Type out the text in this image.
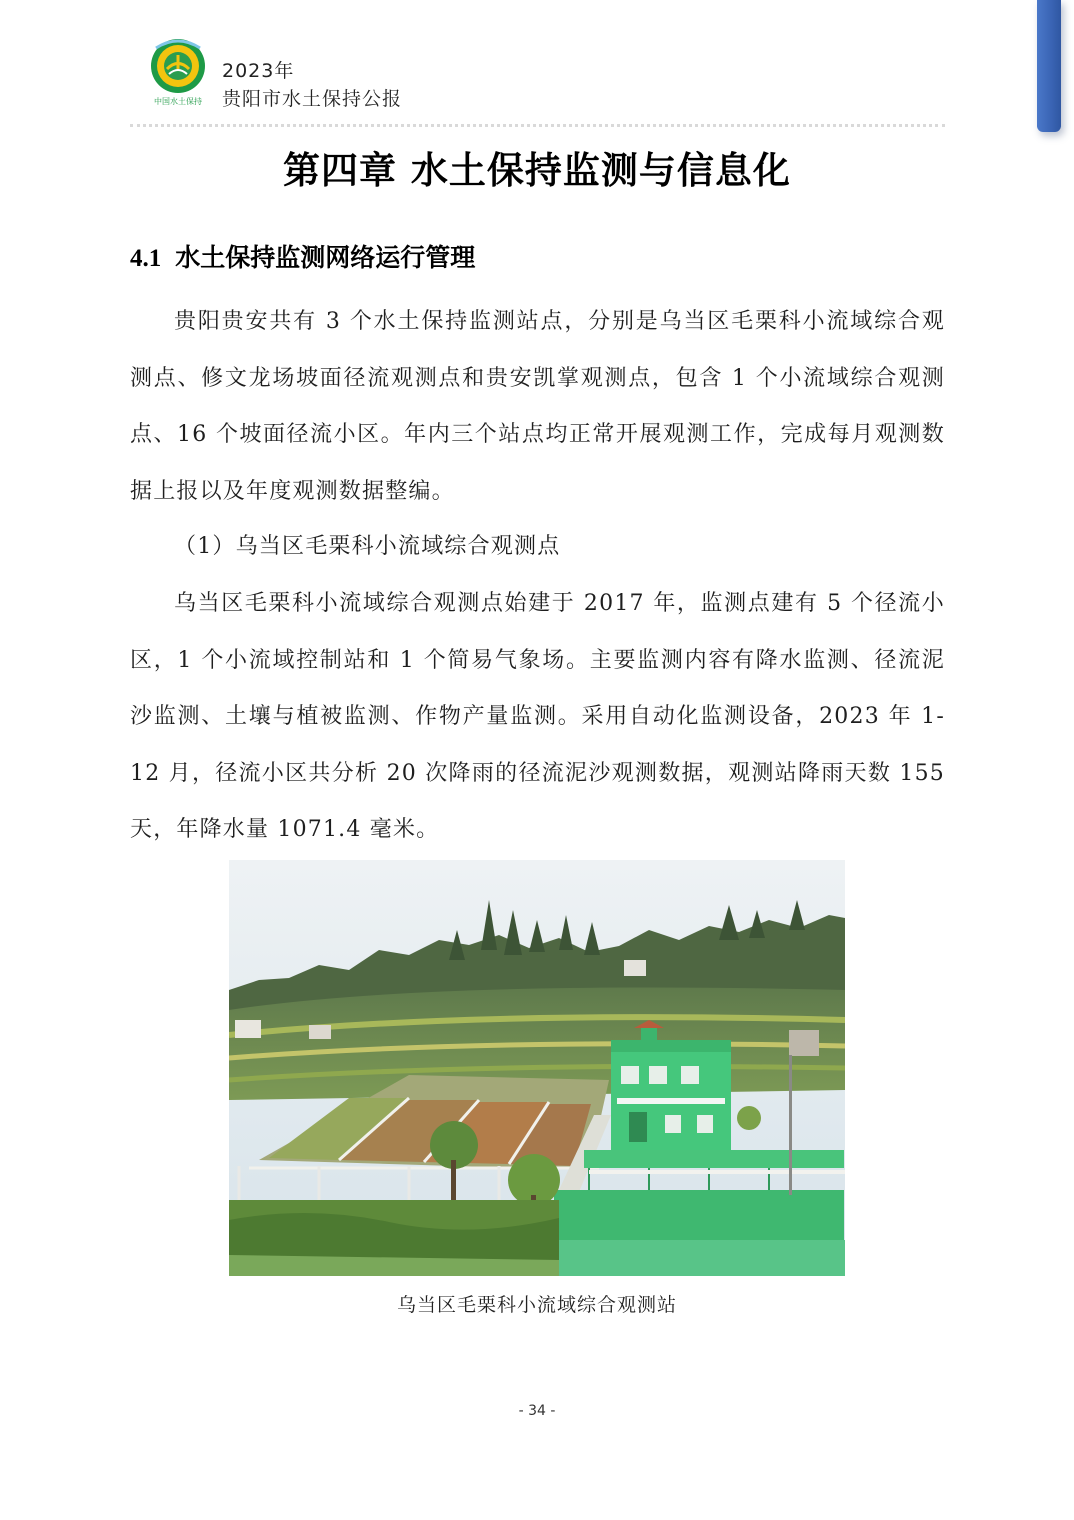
中国水土保持
2023年
贵阳市水土保持公报
第四章 水土保持监测与信息化
4.1 水土保持监测网络运行管理

贵阳贵安共有 3 个水土保持监测站点，分别是乌当区毛栗科小流域综合观测点、修文龙场坡面径流观测点和贵安凯掌观测点，包含 1 个小流域综合观测点、16 个坡面径流小区。年内三个站点均正常开展观测工作，完成每月观测数据上报以及年度观测数据整编。

（1）乌当区毛栗科小流域综合观测点

乌当区毛栗科小流域综合观测点始建于 2017 年，监测点建有 5 个径流小区，1 个小流域控制站和 1 个简易气象场。主要监测内容有降水监测、径流泥沙监测、土壤与植被监测、作物产量监测。采用自动化监测设备，2023 年 1-12 月，径流小区共分析 20 次降雨的径流泥沙观测数据，观测站降雨天数 155 天，年降水量 1071.4 毫米。

乌当区毛栗科小流域综合观测站
- 34 -
